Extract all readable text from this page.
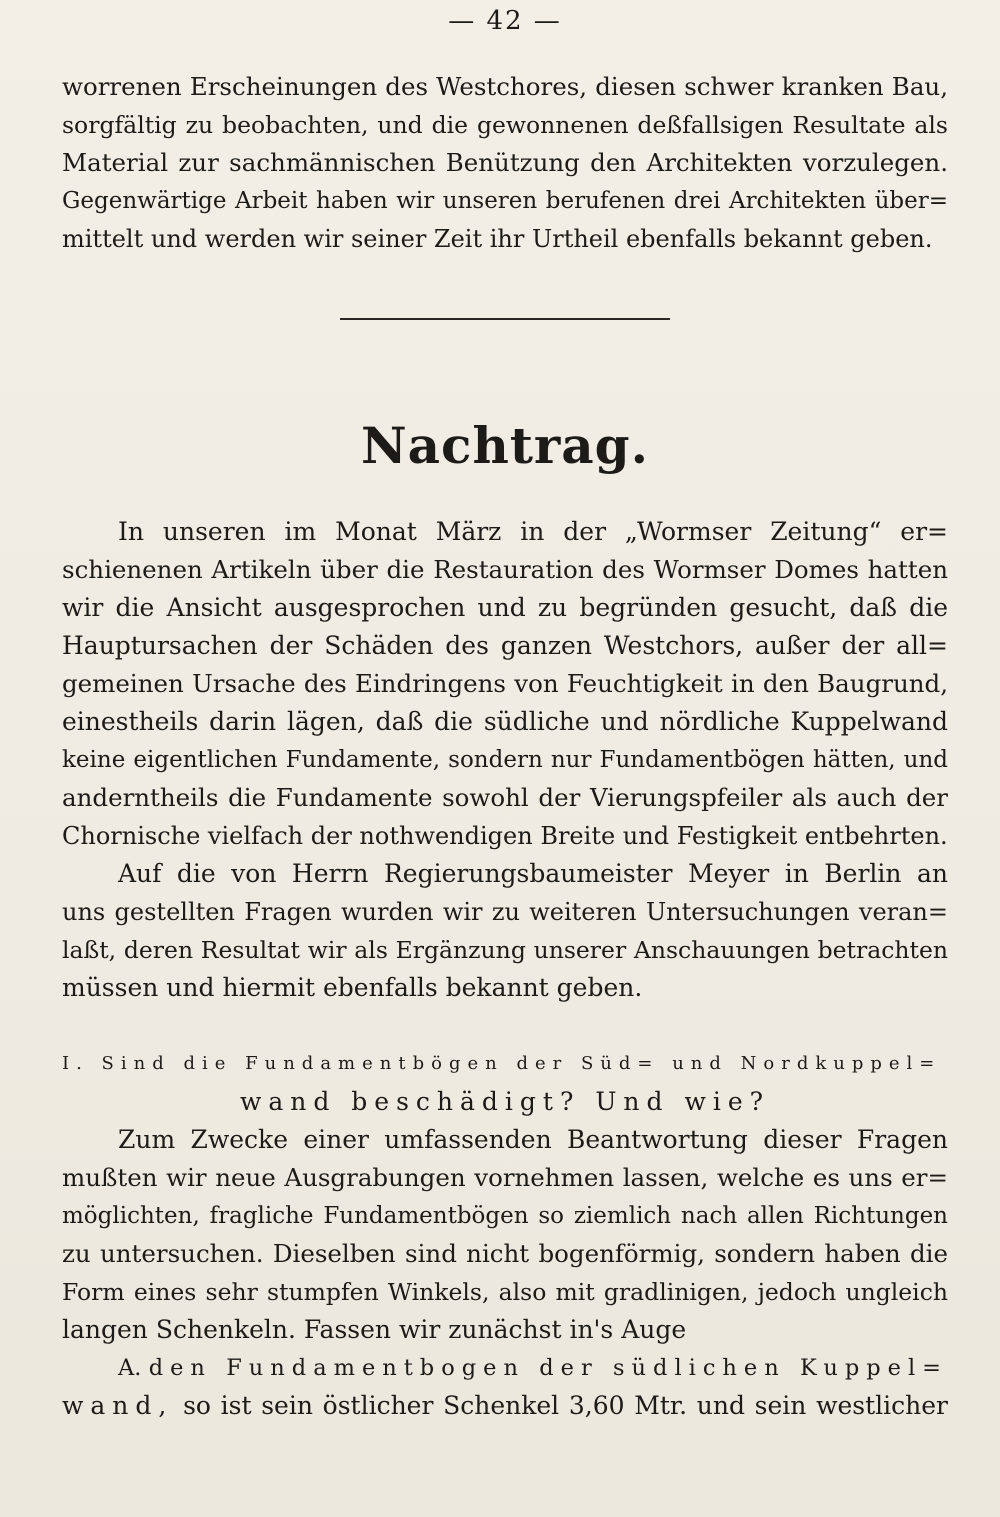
— 42 —
worrenen Erscheinungen des Westchores, diesen schwer kranken Bau,
sorgfältig zu beobachten, und die gewonnenen deßfallsigen Resultate als
Material zur sachmännischen Benützung den Architekten vorzulegen.
Gegenwärtige Arbeit haben wir unseren berufenen drei Architekten über=
mittelt und werden wir seiner Zeit ihr Urtheil ebenfalls bekannt geben.
Nachtrag.
In unseren im Monat März in der „Wormser Zeitung“ er=
schienenen Artikeln über die Restauration des Wormser Domes hatten
wir die Ansicht ausgesprochen und zu begründen gesucht, daß die
Hauptursachen der Schäden des ganzen Westchors, außer der all=
gemeinen Ursache des Eindringens von Feuchtigkeit in den Baugrund,
einestheils darin lägen, daß die südliche und nördliche Kuppelwand
keine eigentlichen Fundamente, sondern nur Fundamentbögen hätten, und
anderntheils die Fundamente sowohl der Vierungspfeiler als auch der
Chornische vielfach der nothwendigen Breite und Festigkeit entbehrten.
Auf die von Herrn Regierungsbaumeister Meyer in Berlin an
uns gestellten Fragen wurden wir zu weiteren Untersuchungen veran=
laßt, deren Resultat wir als Ergänzung unserer Anschauungen betrachten
müssen und hiermit ebenfalls bekannt geben.
I. Sind die Fundamentbögen der Süd= und Nordkuppel=
wand beschädigt? Und wie?
Zum Zwecke einer umfassenden Beantwortung dieser Fragen
mußten wir neue Ausgrabungen vornehmen lassen, welche es uns er=
möglichten, fragliche Fundamentbögen so ziemlich nach allen Richtungen
zu untersuchen. Dieselben sind nicht bogenförmig, sondern haben die
Form eines sehr stumpfen Winkels, also mit gradlinigen, jedoch ungleich
langen Schenkeln. Fassen wir zunächst in's Auge
A. den Fundamentbogen der südlichen Kuppel=
wand, so ist sein östlicher Schenkel 3,60 Mtr. und sein westlicher
